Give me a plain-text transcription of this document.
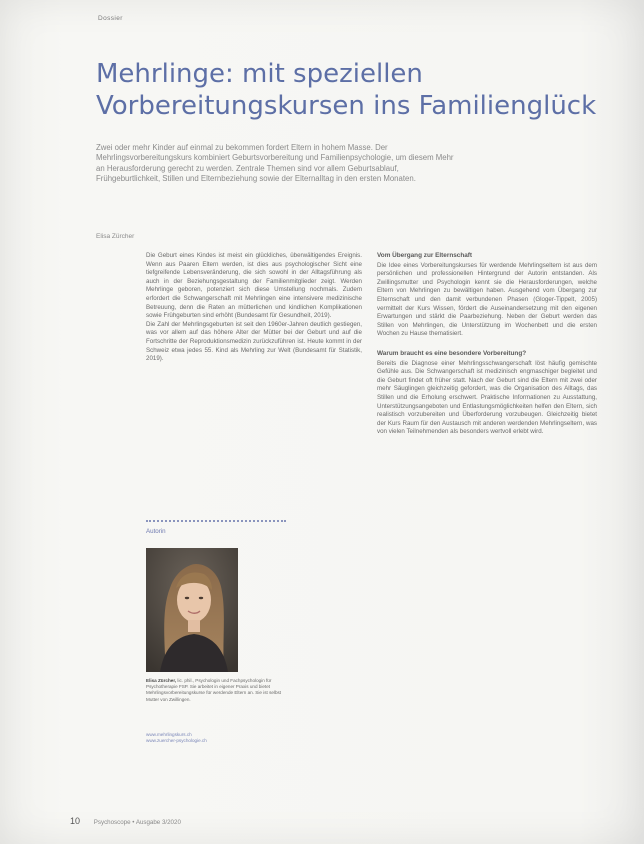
Dossier
Mehrlinge: mit speziellen
Vorbereitungskursen ins Familienglück

Zwei oder mehr Kinder auf einmal zu bekommen fordert Eltern in hohem Masse. Der Mehrlingsvorbereitungskurs kombiniert Geburtsvorbereitung und Familienpsychologie, um diesem Mehr an Herausforderung gerecht zu werden. Zentrale Themen sind vor allem Geburtsablauf, Frühgeburtlichkeit, Stillen und Elternbeziehung sowie der Elternalltag in den ersten Monaten.

Elisa Zürcher

Die Geburt eines Kindes ist meist ein glückliches, überwältigendes Ereignis. Wenn aus Paaren Eltern werden, ist dies aus psychologischer Sicht eine tiefgreifende Lebensveränderung, die sich sowohl in der Alltagsführung als auch in der Beziehungsgestaltung der Familienmitglieder zeigt. Werden Mehrlinge geboren, potenziert sich diese Umstellung nochmals. Zudem erfordert die Schwangerschaft mit Mehrlingen eine intensivere medizinische Betreuung, denn die Raten an mütterlichen und kindlichen Komplikationen sowie Frühgeburten sind erhöht (Bundesamt für Gesundheit, 2019).

Die Zahl der Mehrlingsgeburten ist seit den 1960er-Jahren deutlich gestiegen, was vor allem auf das höhere Alter der Mütter bei der Geburt und auf die Fortschritte der Reproduktionsmedizin zurückzuführen ist. Heute kommt in der Schweiz etwa jedes 55. Kind als Mehrling zur Welt (Bundesamt für Statistik, 2019).

Vom Übergang zur Elternschaft

Die Idee eines Vorbereitungskurses für werdende Mehrlingseltern ist aus dem persönlichen und professionellen Hintergrund der Autorin entstanden. Als Zwillingsmutter und Psychologin kennt sie die Herausforderungen, welche Eltern von Mehrlingen zu bewältigen haben. Ausgehend vom Übergang zur Elternschaft und den damit verbundenen Phasen (Gloger-Tippelt, 2005) vermittelt der Kurs Wissen, fördert die Auseinandersetzung mit den eigenen Erwartungen und stärkt die Paarbeziehung. Neben der Geburt werden das Stillen von Mehrlingen, die Unterstützung im Wochenbett und die ersten Wochen zu Hause thematisiert.

Warum braucht es eine besondere Vorbereitung?

Bereits die Diagnose einer Mehrlingsschwangerschaft löst häufig gemischte Gefühle aus. Die Schwangerschaft ist medizinisch engmaschiger begleitet und die Geburt findet oft früher statt. Nach der Geburt sind die Eltern mit zwei oder mehr Säuglingen gleichzeitig gefordert, was die Organisation des Alltags, das Stillen und die Erholung erschwert. Praktische Informationen zu Ausstattung, Unterstützungsangeboten und Entlastungsmöglichkeiten helfen den Eltern, sich realistisch vorzubereiten und Überforderung vorzubeugen. Gleichzeitig bietet der Kurs Raum für den Austausch mit anderen werdenden Mehrlingseltern, was von vielen Teilnehmenden als besonders wertvoll erlebt wird.

Autorin
Elisa Zürcher, lic. phil., Psychologin und Fachpsychologin für Psychotherapie FSP. Sie arbeitet in eigener Praxis und bietet Mehrlingsvorbereitungskurse für werdende Eltern an. Sie ist selbst Mutter von Zwillingen.
www.mehrlingskurs.ch
www.zuercher-psychologie.ch
10 Psychoscope • Ausgabe 3/2020
